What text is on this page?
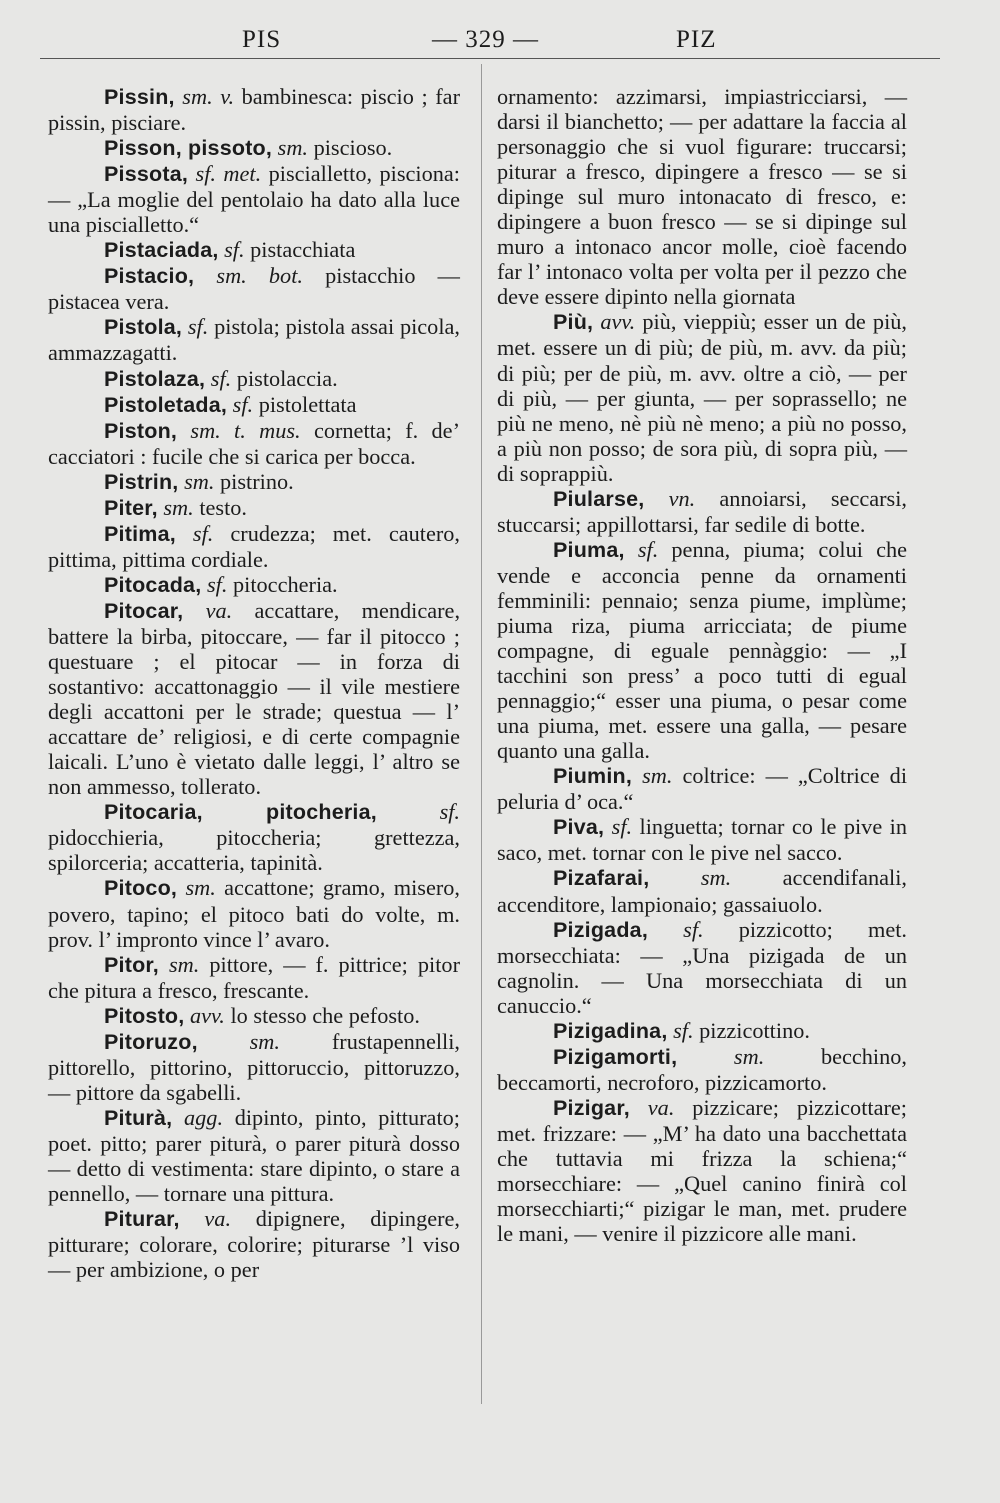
PIS	— 329 —	PIZ

Pissin, sm. v. bambinesca: piscio ; far pissin, pisciare.

Pisson, pissoto, sm. piscioso.

Pissota, sf. met. piscialletto, pisciona: — „La moglie del pentolaio ha dato alla luce una piscialletto.“

Pistaciada, sf. pistacchiata

Pistacio, sm. bot. pistacchio — pistacea vera.

Pistola, sf. pistola; pistola assai picola, ammazzagatti.

Pistolaza, sf. pistolaccia.

Pistoletada, sf. pistolettata

Piston, sm. t. mus. cornetta; f. de’ cacciatori : fucile che si carica per bocca.

Pistrin, sm. pistrino.

Piter, sm. testo.

Pitima, sf. crudezza; met. cautero, pittima, pittima cordiale.

Pitocada, sf. pitoccheria.

Pitocar, va. accattare, mendicare, battere la birba, pitoccare, — far il pitocco ; questuare ; el pitocar — in forza di sostantivo: accattonaggio — il vile mestiere degli accattoni per le strade; questua — l’ accattare de’ religiosi, e di certe compagnie laicali. L’uno è vietato dalle leggi, l’ altro se non ammesso, tollerato.

Pitocaria, pitocheria,	sf. pidocchieria, pitoccheria; grettezza, spilorceria; accatteria, tapinità.

Pitoco, sm. accattone; gramo, misero, povero, tapino; el pitoco bati do volte, m. prov. l’ impronto vince l’ avaro.

Pitor, sm. pittore, — f. pittrice; pitor che pitura a fresco, frescante.

Pitosto, avv. lo stesso che pefosto.

Pitoruzo, sm. frustapennelli, pittorello, pittorino, pittoruccio, pittoruzzo, — pittore da sgabelli.

Piturà, agg. dipinto, pinto, pitturato; poet. pitto; parer piturà, o parer piturà dosso — detto di vestimenta: stare dipinto, o stare a pennello, — tornare una pittura.

Piturar, va. dipignere, dipingere, pitturare; colorare, colorire; piturarse ’l viso — per ambizione, o per

ornamento: azzimarsi, impiastricciarsi, — darsi il bianchetto; — per adattare la faccia al personaggio che si vuol figurare: truccarsi; piturar a fresco, dipingere a fresco — se si dipinge sul muro intonacato di fresco, e: dipingere a buon fresco — se si dipinge sul muro a intonaco ancor molle, cioè facendo far l’ intonaco volta per volta per il pezzo che deve essere dipinto nella giornata

Più, avv. più, vieppiù; esser un de più, met. essere un di più; de più, m. avv. da più; di più; per de più, m. avv. oltre a ciò, — per di più, — per giunta, — per soprassello; ne più ne meno, nè più nè meno; a più no posso, a più non posso; de sora più, di sopra più, — di soprappiù.

Piularse, vn. annoiarsi, seccarsi, stuccarsi; appillottarsi, far sedile di botte.

Piuma, sf. penna, piuma; colui che vende e acconcia penne da ornamenti femminili: pennaio; senza piume, implùme; piuma riza, piuma arricciata; de piume compagne, di eguale pennàggio: — „I tacchini son press’ a poco tutti di egual pennaggio;“ esser una piuma, o pesar come una piuma, met. essere una galla, — pesare quanto una galla.

Piumin, sm. coltrice: — „Coltrice di peluria d’ oca.“

Piva, sf. linguetta; tornar co le pive in saco, met. tornar con le pive nel sacco.

Pizafarai, sm. accendifanali, accenditore, lampionaio; gassaiuolo.

Pizigada, sf. pizzicotto; met. morsecchiata: — „Una pizigada de un cagnolin. — Una morsecchiata di un canuccio.“

Pizigadina, sf. pizzicottino.

Pizigamorti,	sm.	becchino, beccamorti, necroforo, pizzicamorto.

Pizigar, va. pizzicare; pizzicottare; met. frizzare: — „M’ ha dato una bacchettata che tuttavia mi frizza la schiena;“ morsecchiare: — „Quel canino finirà col morsecchiarti;“ pizigar le man, met. prudere le mani, — venire il pizzicore alle mani.
